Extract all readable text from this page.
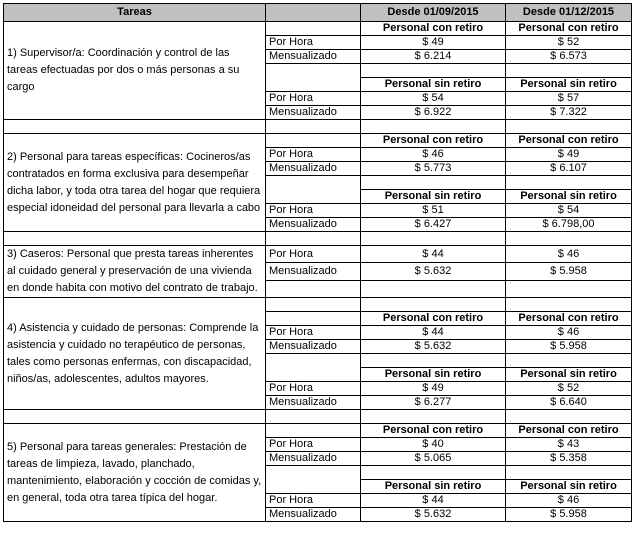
Tareas		Desde 01/09/2015	Desde 01/12/2015
1) Supervisor/a: Coordinación y control de las tareas efectuadas por dos o más personas a su cargo		Personal con retiro	Personal con retiro
	Por Hora	$ 49	$ 52
	Mensualizado	$ 6.214	$ 6.573

		Personal sin retiro	Personal sin retiro
	Por Hora	$ 54	$ 57
	Mensualizado	$ 6.922	$ 7.322

2) Personal para tareas específicas: Cocineros/as contratados en forma exclusiva para desempeñar dicha labor, y toda otra tarea del hogar que requiera especial idoneidad del personal para llevarla a cabo		Personal con retiro	Personal con retiro
	Por Hora	$ 46	$ 49
	Mensualizado	$ 5.773	$ 6.107

		Personal sin retiro	Personal sin retiro
	Por Hora	$ 51	$ 54
	Mensualizado	$ 6.427	$ 6.798,00

3) Caseros: Personal que presta tareas inherentes al cuidado general y preservación de una vivienda en donde habita con motivo del contrato de trabajo.	Por Hora	$ 44	$ 46
	Mensualizado	$ 5.632	$ 5.958

4) Asistencia y cuidado de personas: Comprende la asistencia y cuidado no terapéutico de personas, tales como personas enfermas, con discapacidad, niños/as, adolescentes, adultos mayores.			
		Personal con retiro	Personal con retiro
	Por Hora	$ 44	$ 46
	Mensualizado	$ 5.632	$ 5.958

		Personal sin retiro	Personal sin retiro
	Por Hora	$ 49	$ 52
	Mensualizado	$ 6.277	$ 6.640

5) Personal para tareas generales: Prestación de tareas de limpieza, lavado, planchado, mantenimiento, elaboración y cocción de comidas y, en general, toda otra tarea típica del hogar.		Personal con retiro	Personal con retiro
	Por Hora	$ 40	$ 43
	Mensualizado	$ 5.065	$ 5.358

		Personal sin retiro	Personal sin retiro
	Por Hora	$ 44	$ 46
	Mensualizado	$ 5.632	$ 5.958
